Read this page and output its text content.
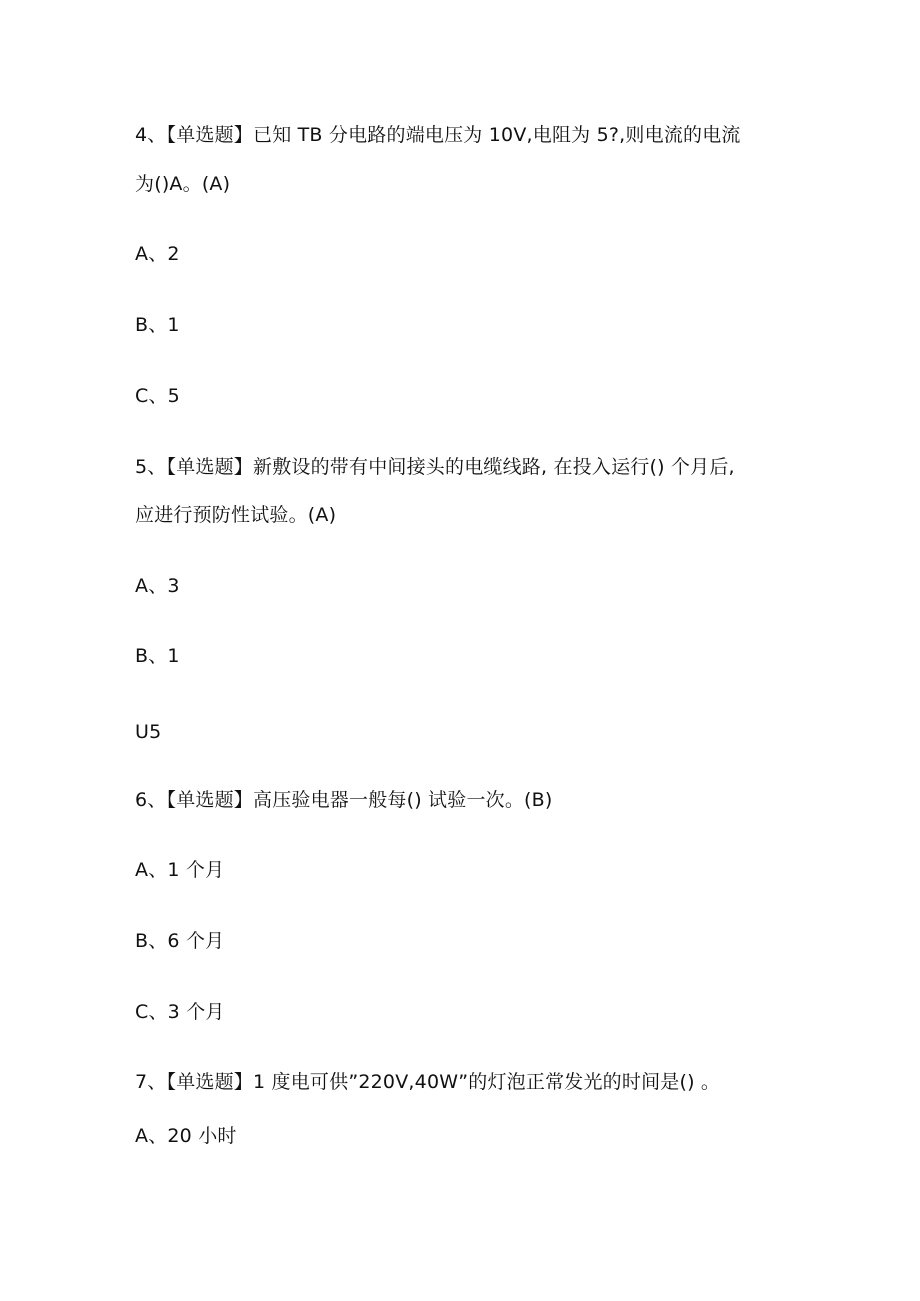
4、【单选题】已知 TB 分电路的端电压为 10V,电阻为 5?,则电流的电流
为()A。(A)
A、2
B、1
C、5
5、【单选题】新敷设的带有中间接头的电缆线路, 在投入运行() 个月后,
应进行预防性试验。(A)
A、3
B、1
U5
6、【单选题】高压验电器一般每() 试验一次。(B)
A、1 个月
B、6 个月
C、3 个月
7、【单选题】1 度电可供”220V,40W”的灯泡正常发光的时间是() 。
A、20 小时
